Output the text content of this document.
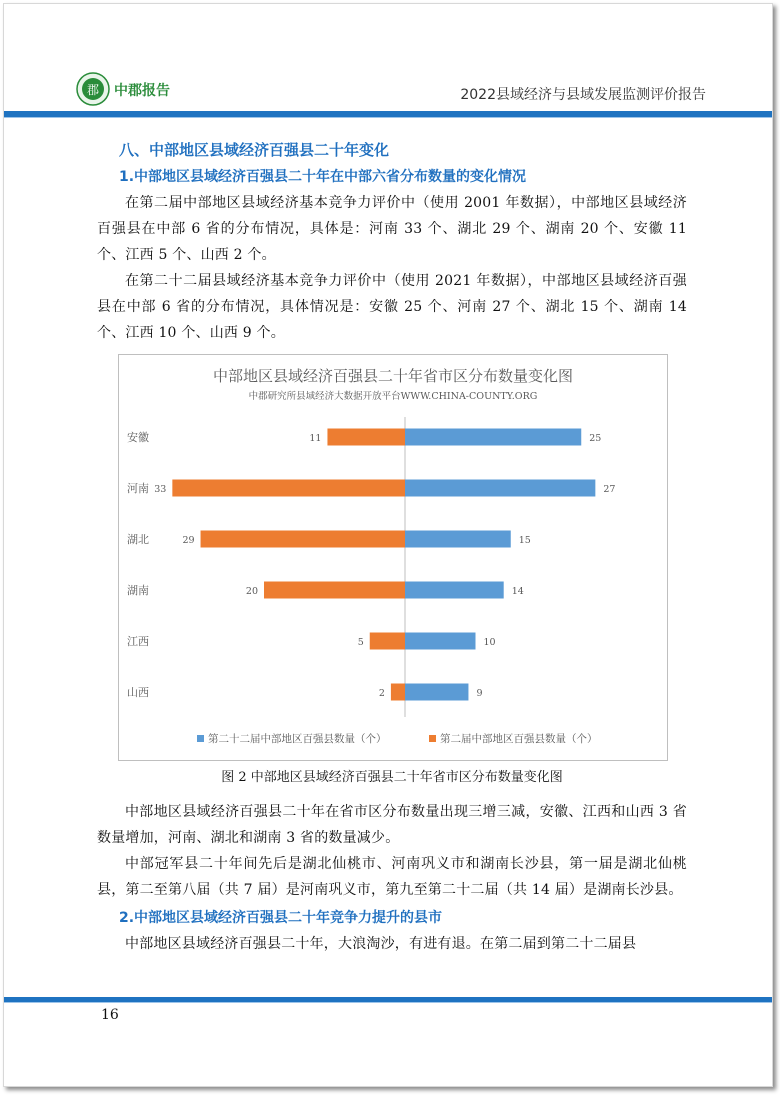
郡 中郡报告	2022县域经济与县域发展监测评价报告
八、中部地区县域经济百强县二十年变化
1.中部地区县域经济百强县二十年在中部六省分布数量的变化情况

在第二届中部地区县域经济基本竞争力评价中（使用 2001 年数据），中部地区县域经济百强县在中部 6 省的分布情况，具体是：河南 33 个、湖北 29 个、湖南 20 个、安徽 11 个、江西 5 个、山西 2 个。

在第二十二届县域经济基本竞争力评价中（使用 2021 年数据），中部地区县域经济百强县在中部 6 省的分布情况，具体情况是：安徽 25 个、河南 27 个、湖北 15 个、湖南 14 个、江西 10 个、山西 9 个。

中部地区县域经济百强县二十年省市区分布数量变化图
中郡研究所县域经济大数据开放平台WWW.CHINA-COUNTY.ORG
安徽	25
11
河南	27
33
湖北	15
29
湖南	14
20
江西	10
5
山西	9
2
第二十二届中部地区百强县数量（个）	第二届中部地区百强县数量（个）
图 2 中部地区县域经济百强县二十年省市区分布数量变化图

中部地区县域经济百强县二十年在省市区分布数量出现三增三减，安徽、江西和山西 3 省数量增加，河南、湖北和湖南 3 省的数量减少。

中部冠军县二十年间先后是湖北仙桃市、河南巩义市和湖南长沙县，第一届是湖北仙桃县，第二至第八届（共 7 届）是河南巩义市，第九至第二十二届（共 14 届）是湖南长沙县。

2.中部地区县域经济百强县二十年竞争力提升的县市

中部地区县域经济百强县二十年，大浪淘沙，有进有退。在第二届到第二十二届县

16
